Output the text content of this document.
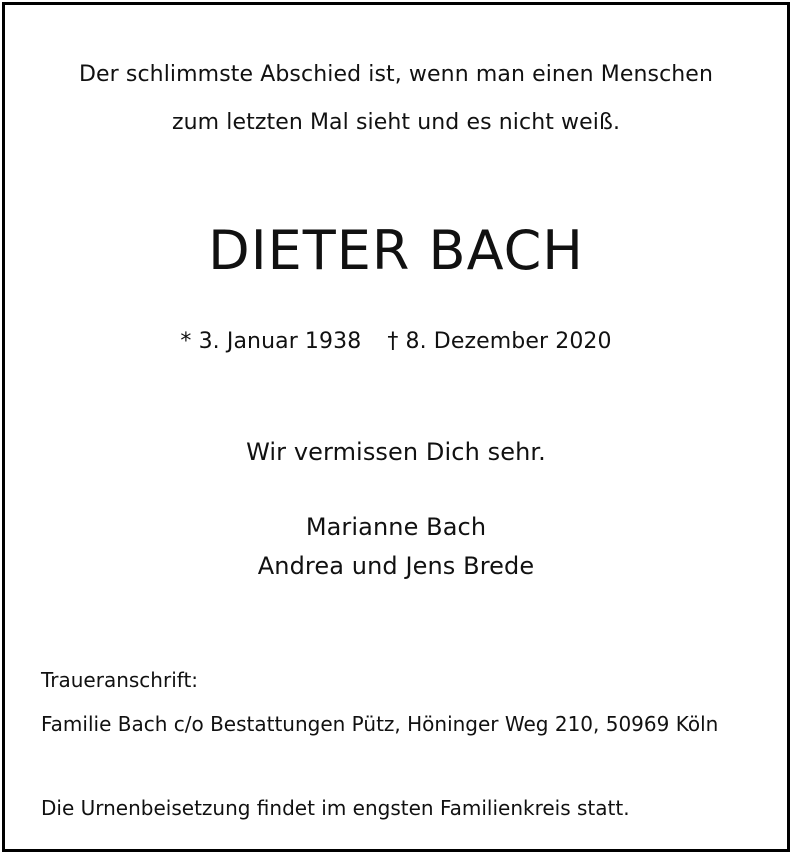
Der schlimmste Abschied ist, wenn man einen Menschen
zum letzten Mal sieht und es nicht weiß.
DIETER BACH
* 3. Januar 1938 † 8. Dezember 2020
Wir vermissen Dich sehr.
Marianne Bach
Andrea und Jens Brede
Traueranschrift:
Familie Bach c/o Bestattungen Pütz, Höninger Weg 210, 50969 Köln
Die Urnenbeisetzung findet im engsten Familienkreis statt.
